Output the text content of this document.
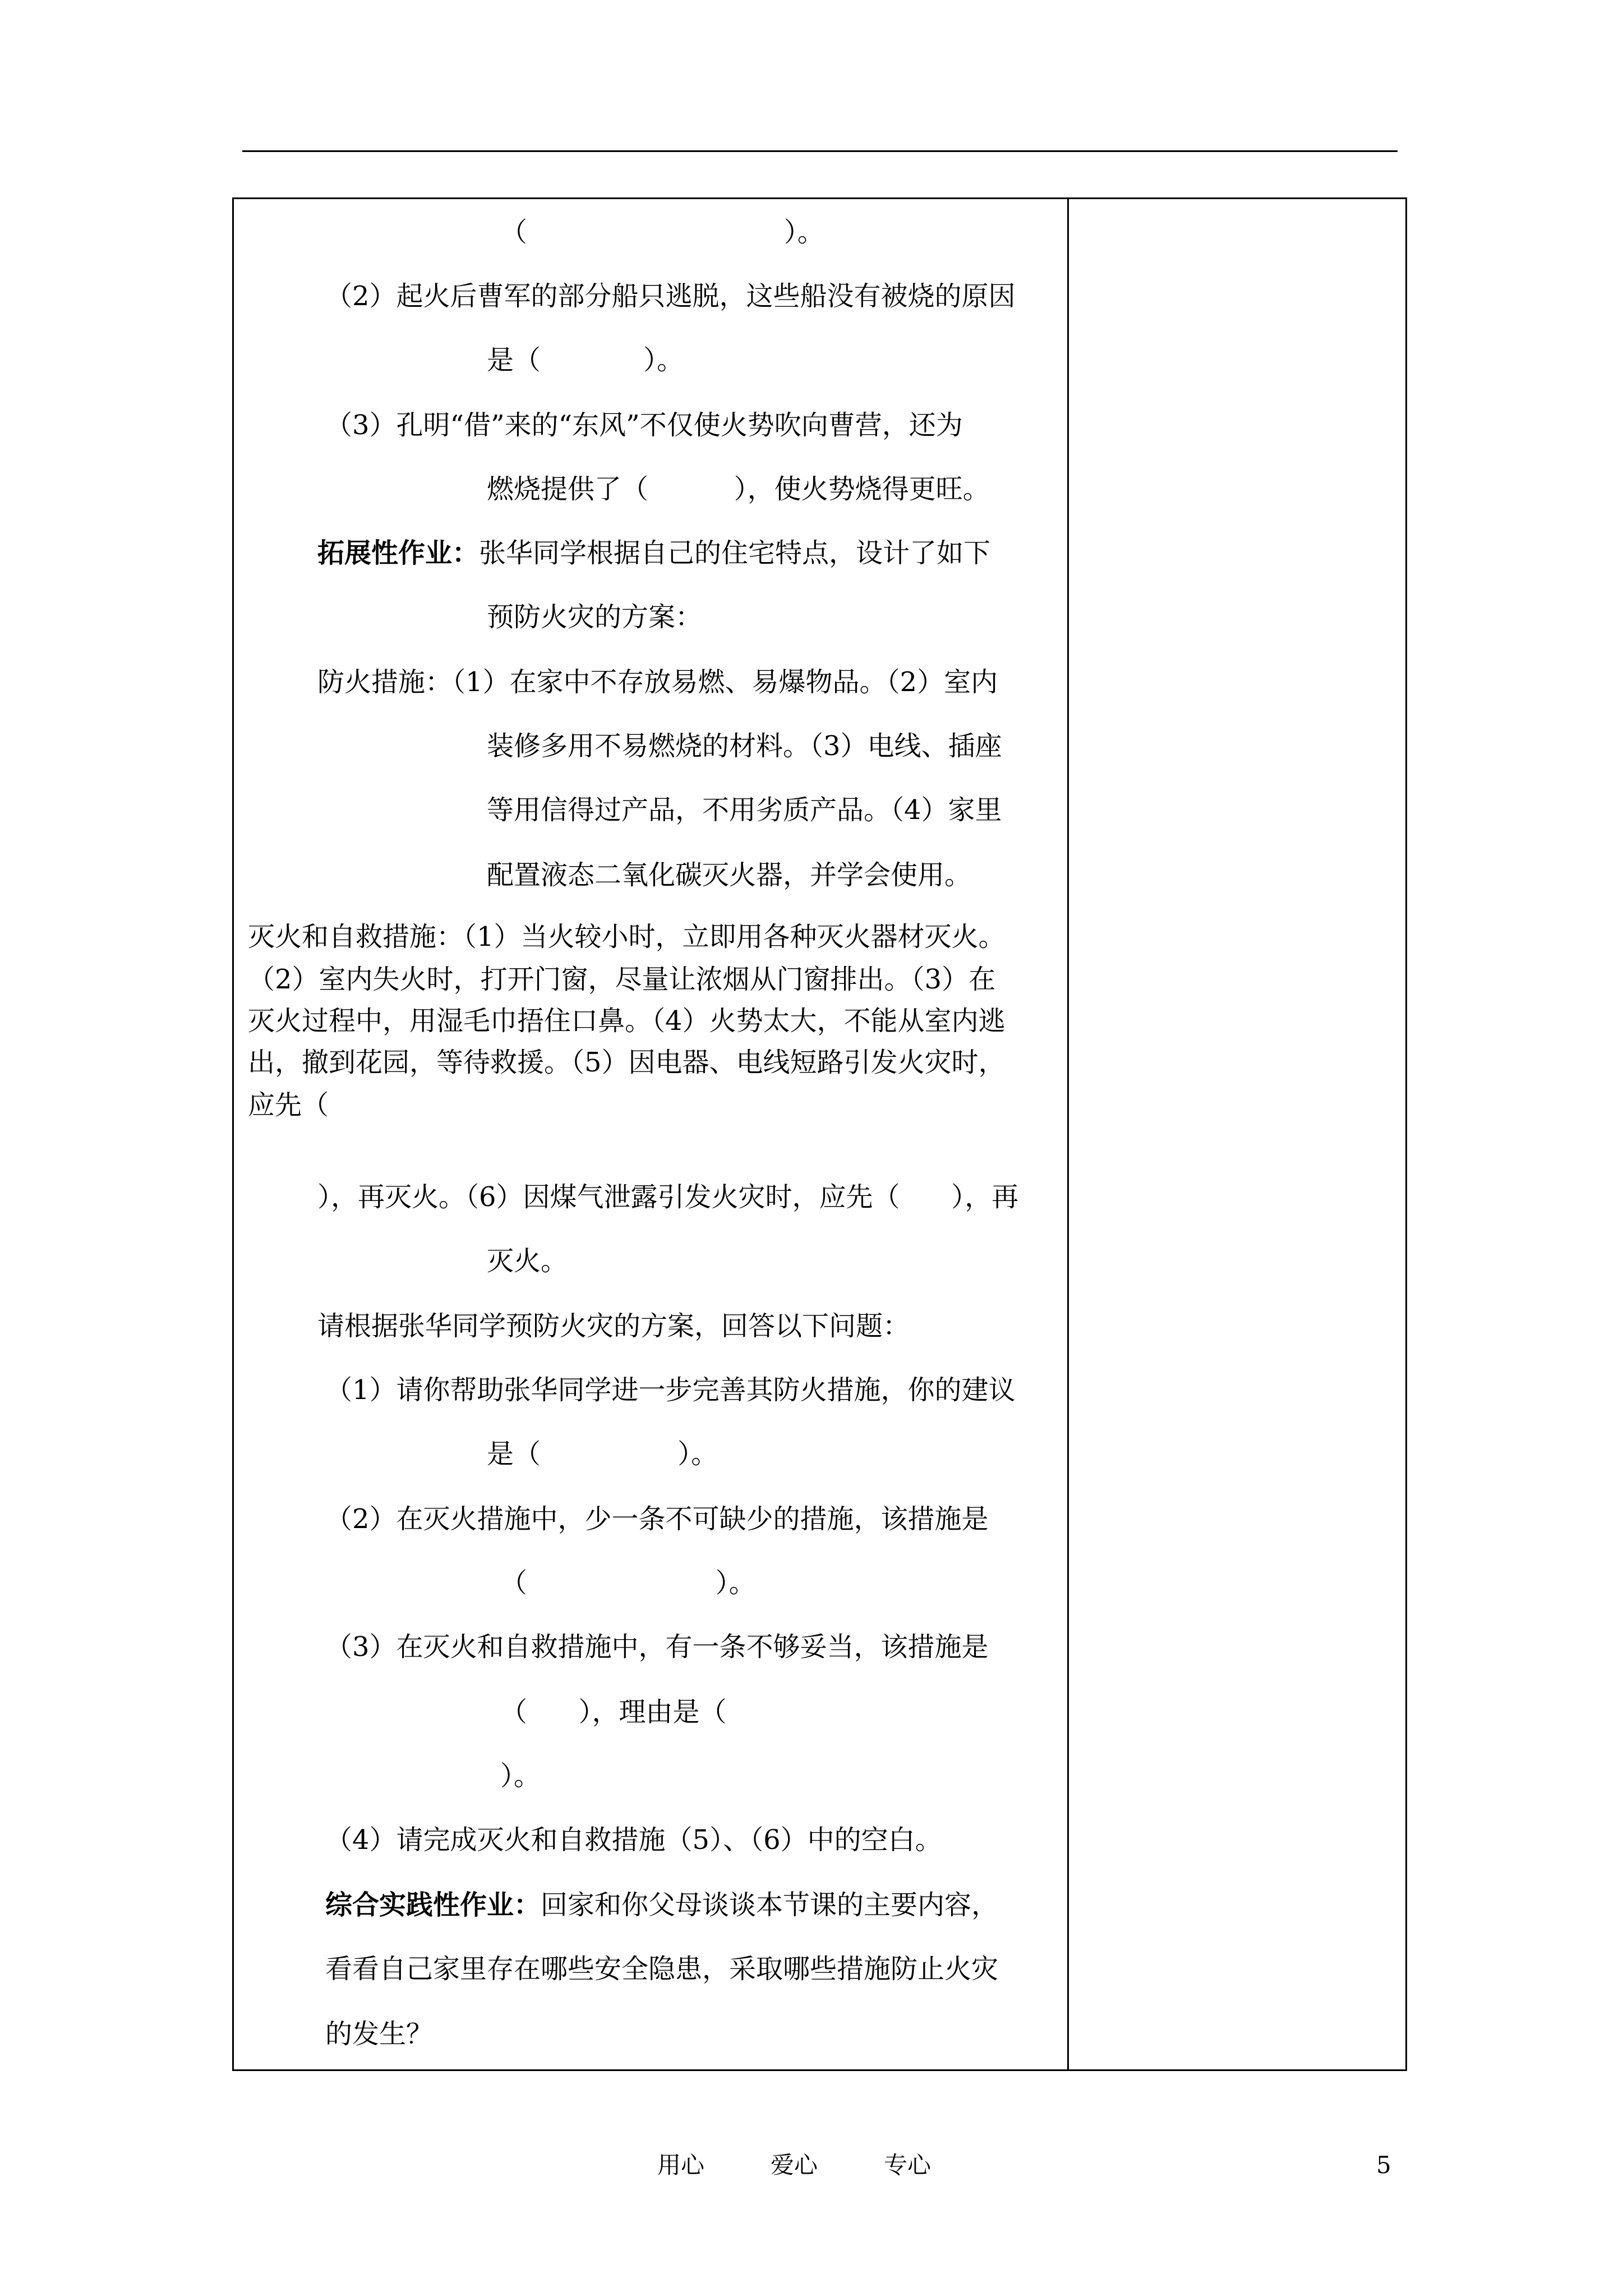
（                              ）。
（2）起火后曹军的部分船只逃脱，这些船没有被烧的原因
是（            ）。
（3）孔明“借”来的“东风”不仅使火势吹向曹营，还为
燃烧提供了（          ），使火势烧得更旺。
拓展性作业：张华同学根据自己的住宅特点，设计了如下
预防火灾的方案：
防火措施：（1）在家中不存放易燃、易爆物品。（2）室内
装修多用不易燃烧的材料。（3）电线、插座
等用信得过产品，不用劣质产品。（4）家里
配置液态二氧化碳灭火器，并学会使用。
灭火和自救措施：（1）当火较小时，立即用各种灭火器材灭火。
（2）室内失火时，打开门窗，尽量让浓烟从门窗排出。（3）在
灭火过程中，用湿毛巾捂住口鼻。（4）火势太大，不能从室内逃
出，撤到花园，等待救援。（5）因电器、电线短路引发火灾时，
应先（
），再灭火。（6）因煤气泄露引发火灾时，应先（      ），再
灭火。
请根据张华同学预防火灾的方案，回答以下问题：
（1）请你帮助张华同学进一步完善其防火措施，你的建议
是（                ）。
（2）在灭火措施中，少一条不可缺少的措施，该措施是
（                      ）。
（3）在灭火和自救措施中，有一条不够妥当，该措施是
（      ），理由是（
）。
（4）请完成灭火和自救措施（5）、（6）中的空白。
综合实践性作业：回家和你父母谈谈本节课的主要内容，
看看自己家里存在哪些安全隐患，采取哪些措施防止火灾
的发生？
用心	爱心	专心	5
